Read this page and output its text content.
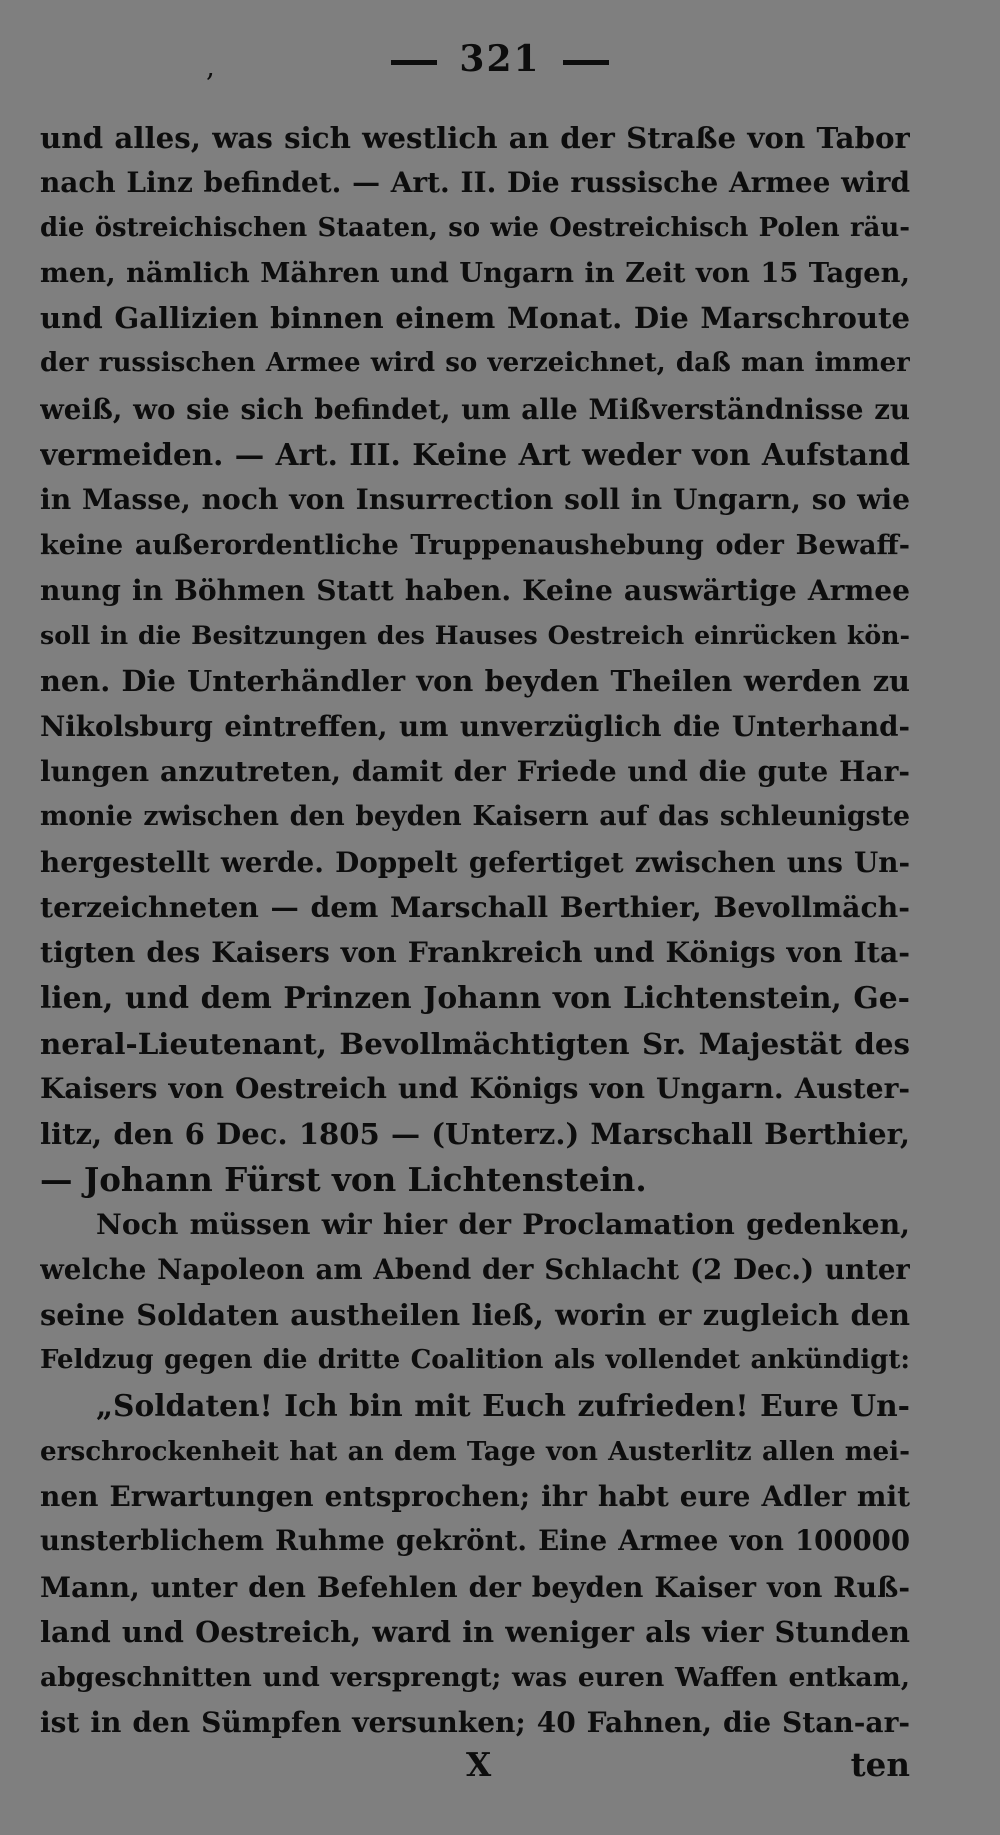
,	321
und alles, was sich westlich an der Straße von Tabor
nach Linz befindet. — Art. II. Die russische Armee wird
die östreichischen Staaten, so wie Oestreichisch Polen räu-
men, nämlich Mähren und Ungarn in Zeit von 15 Tagen,
und Gallizien binnen einem Monat. Die Marschroute
der russischen Armee wird so verzeichnet, daß man immer
weiß, wo sie sich befindet, um alle Mißverständnisse zu
vermeiden. — Art. III. Keine Art weder von Aufstand
in Masse, noch von Insurrection soll in Ungarn, so wie
keine außerordentliche Truppenaushebung oder Bewaff-
nung in Böhmen Statt haben. Keine auswärtige Armee
soll in die Besitzungen des Hauses Oestreich einrücken kön-
nen. Die Unterhändler von beyden Theilen werden zu
Nikolsburg eintreffen, um unverzüglich die Unterhand-
lungen anzutreten, damit der Friede und die gute Har-
monie zwischen den beyden Kaisern auf das schleunigste
hergestellt werde. Doppelt gefertiget zwischen uns Un-
terzeichneten — dem Marschall Berthier, Bevollmäch-
tigten des Kaisers von Frankreich und Königs von Ita-
lien, und dem Prinzen Johann von Lichtenstein, Ge-
neral-Lieutenant, Bevollmächtigten Sr. Majestät des
Kaisers von Oestreich und Königs von Ungarn. Auster-
litz, den 6 Dec. 1805 — (Unterz.) Marschall Berthier,
— Johann Fürst von Lichtenstein.
Noch müssen wir hier der Proclamation gedenken,
welche Napoleon am Abend der Schlacht (2 Dec.) unter
seine Soldaten austheilen ließ, worin er zugleich den
Feldzug gegen die dritte Coalition als vollendet ankündigt:
„Soldaten! Ich bin mit Euch zufrieden! Eure Un-
erschrockenheit hat an dem Tage von Austerlitz allen mei-
nen Erwartungen entsprochen; ihr habt eure Adler mit
unsterblichem Ruhme gekrönt. Eine Armee von 100000
Mann, unter den Befehlen der beyden Kaiser von Ruß-
land und Oestreich, ward in weniger als vier Stunden
abgeschnitten und versprengt; was euren Waffen entkam,
ist in den Sümpfen versunken; 40 Fahnen, die Stan-ar-
X	ten
